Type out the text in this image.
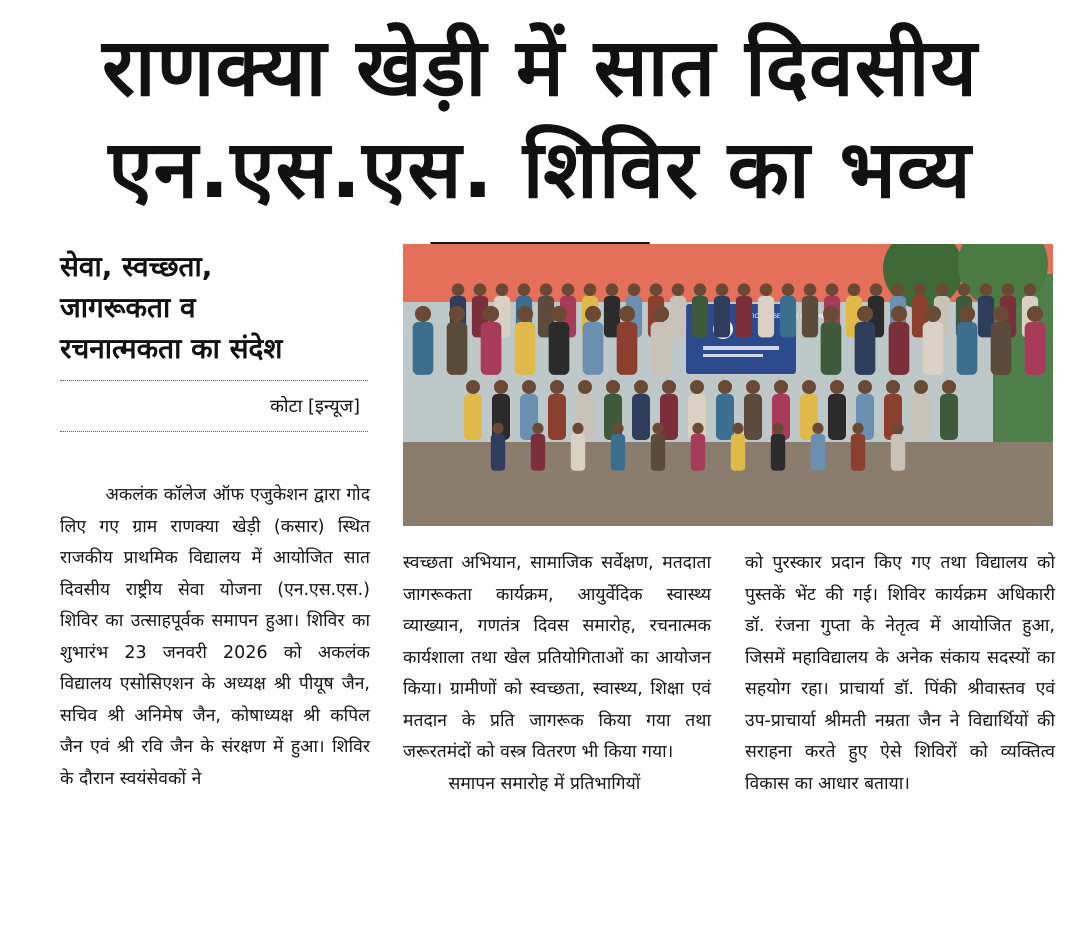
राणक्या खेड़ी में सात दिवसीय
एन.एस.एस. शिविर का भव्य
सेवा, स्वच्छता,
जागरूकता व
रचनात्मकता का संदेश
कोटा [इन्यूज]

अकलंक कॉलेज ऑफ एजुकेशन द्वारा गोद लिए गए ग्राम राणक्या खेड़ी (कसार) स्थित राजकीय प्राथमिक विद्यालय में आयोजित सात दिवसीय राष्ट्रीय सेवा योजना (एन.एस.एस.) शिविर का उत्साहपूर्वक समापन हुआ। शिविर का शुभारंभ 23 जनवरी 2026 को अकलंक विद्यालय एसोसिएशन के अध्यक्ष श्री पीयूष जैन, सचिव श्री अनिमेष जैन, कोषाध्यक्ष श्री कपिल जैन एवं श्री रवि जैन के संरक्षण में हुआ। शिविर के दौरान स्वयंसेवकों ने

NATIONAL

स्वच्छता अभियान, सामाजिक सर्वेक्षण, मतदाता जागरूकता कार्यक्रम, आयुर्वेदिक स्वास्थ्य व्याख्यान, गणतंत्र दिवस समारोह, रचनात्मक कार्यशाला तथा खेल प्रतियोगिताओं का आयोजन किया। ग्रामीणों को स्वच्छता, स्वास्थ्य, शिक्षा एवं मतदान के प्रति जागरूक किया गया तथा जरूरतमंदों को वस्त्र वितरण भी किया गया।

समापन समारोह में प्रतिभागियों

को पुरस्कार प्रदान किए गए तथा विद्यालय को पुस्तकें भेंट की गई। शिविर कार्यक्रम अधिकारी डॉ. रंजना गुप्ता के नेतृत्व में आयोजित हुआ, जिसमें महाविद्यालय के अनेक संकाय सदस्यों का सहयोग रहा। प्राचार्या डॉ. पिंकी श्रीवास्तव एवं उप-प्राचार्या श्रीमती नम्रता जैन ने विद्यार्थियों की सराहना करते हुए ऐसे शिविरों को व्यक्तित्व विकास का आधार बताया।
